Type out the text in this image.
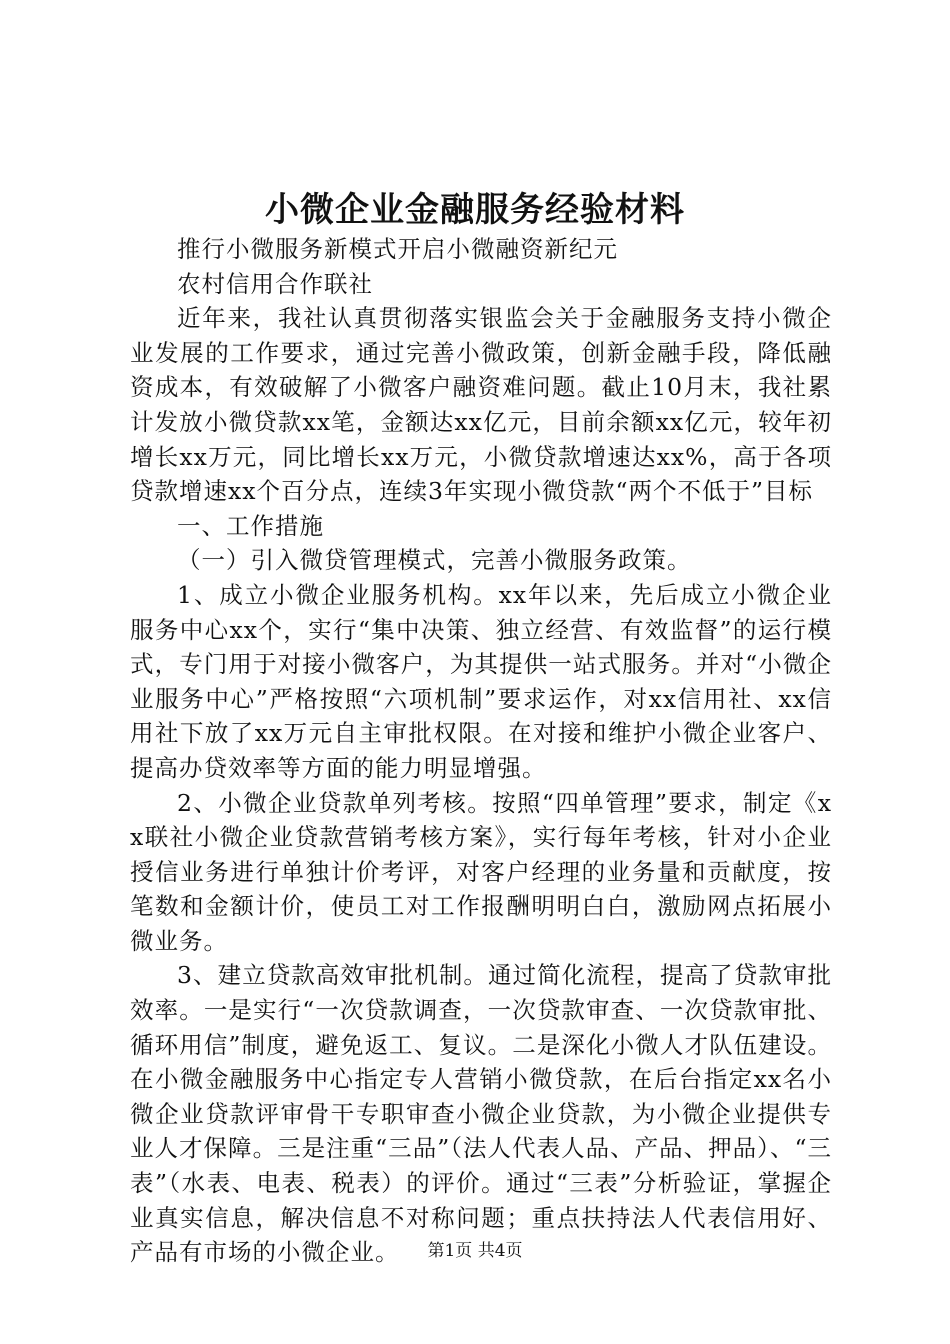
小微企业金融服务经验材料

推行小微服务新模式开启小微融资新纪元

农村信用合作联社

近年来，我社认真贯彻落实银监会关于金融服务支持小微企业发展的工作要求，通过完善小微政策，创新金融手段，降低融资成本，有效破解了小微客户融资难问题。截止10月末，我社累计发放小微贷款xx笔，金额达xx亿元，目前余额xx亿元，较年初增长xx万元，同比增长xx万元，小微贷款增速达xx%，高于各项贷款增速xx个百分点，连续3年实现小微贷款“两个不低于”目标

一、工作措施

（一）引入微贷管理模式，完善小微服务政策。

1、成立小微企业服务机构。xx年以来，先后成立小微企业服务中心xx个，实行“集中决策、独立经营、有效监督”的运行模式，专门用于对接小微客户，为其提供一站式服务。并对“小微企业服务中心”严格按照“六项机制”要求运作，对xx信用社、xx信用社下放了xx万元自主审批权限。在对接和维护小微企业客户、提高办贷效率等方面的能力明显增强。

2、小微企业贷款单列考核。按照“四单管理”要求，制定《xx联社小微企业贷款营销考核方案》，实行每年考核，针对小企业授信业务进行单独计价考评，对客户经理的业务量和贡献度，按笔数和金额计价，使员工对工作报酬明明白白，激励网点拓展小微业务。

3、建立贷款高效审批机制。通过简化流程，提高了贷款审批效率。一是实行“一次贷款调查，一次贷款审查、一次贷款审批、循环用信”制度，避免返工、复议。二是深化小微人才队伍建设。在小微金融服务中心指定专人营销小微贷款，在后台指定xx名小微企业贷款评审骨干专职审查小微企业贷款，为小微企业提供专业人才保障。三是注重“三品”（法人代表人品、产品、押品）、“三表”（水表、电表、税表）的评价。通过“三表”分析验证，掌握企业真实信息，解决信息不对称问题；重点扶持法人代表信用好、产品有市场的小微企业。	第1页 共4页
